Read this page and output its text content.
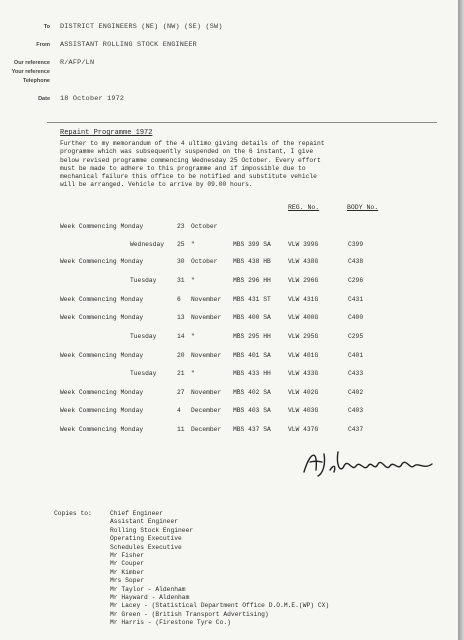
To DISTRICT ENGINEERS (NE) (NW) (SE) (SW)
From ASSISTANT ROLLING STOCK ENGINEER
Our reference R/AFP/LN
Your reference
Telephone
Date 18 October 1972
Repaint Programme 1972

Further to my memorandum of the 4 ultimo giving details of the repaint

programme which was subsequently suspended on the 6 instant, I give

below revised programme commencing Wednesday 25 October. Every effort

must be made to adhere to this programme and if impossible due to

mechanical failure this office to be notified and substitute vehicle

will be arranged. Vehicle to arrive by 09.00 hours.

REG. No.	BODY No.
Week Commencing Monday	23 October
Wednesday 25 "	MBS 399 SA	VLW 399G	C399
Week Commencing Monday	30 October MBS 438 HB	VLW 438G	C438
Tuesday	31 "	MBS 296 HH	VLW 296G	C296
Week Commencing Monday	6 November MBS 431 ST	VLW 431G	C431
Week Commencing Monday	13 November MBS 400 SA	VLW 400G	C400
Tuesday	14 "	MBS 295 HH	VLW 295G	C295
Week Commencing Monday	20 November MBS 401 SA	VLW 401G	C401
Tuesday	21 "	MBS 433 HH	VLW 433G	C433
Week Commencing Monday	27 November MBS 402 SA	VLW 402G	C402
Week Commencing Monday	4 December MBS 403 SA	VLW 403G	C403
Week Commencing Monday	11 December MBS 437 SA	VLW 437G	C437
Copies to:	Chief Engineer
Assistant Engineer
Rolling Stock Engineer
Operating Executive
Schedules Executive
Mr Fisher
Mr Couper
Mr Kimber
Mrs Soper
Mr Taylor - Aldenham
Mr Hayward - Aldenham
Mr Lacey - (Statistical Department Office D.O.M.E.(WP) CX)
Mr Green - (British Transport Advertising)
Mr Harris - (Firestone Tyre Co.)
